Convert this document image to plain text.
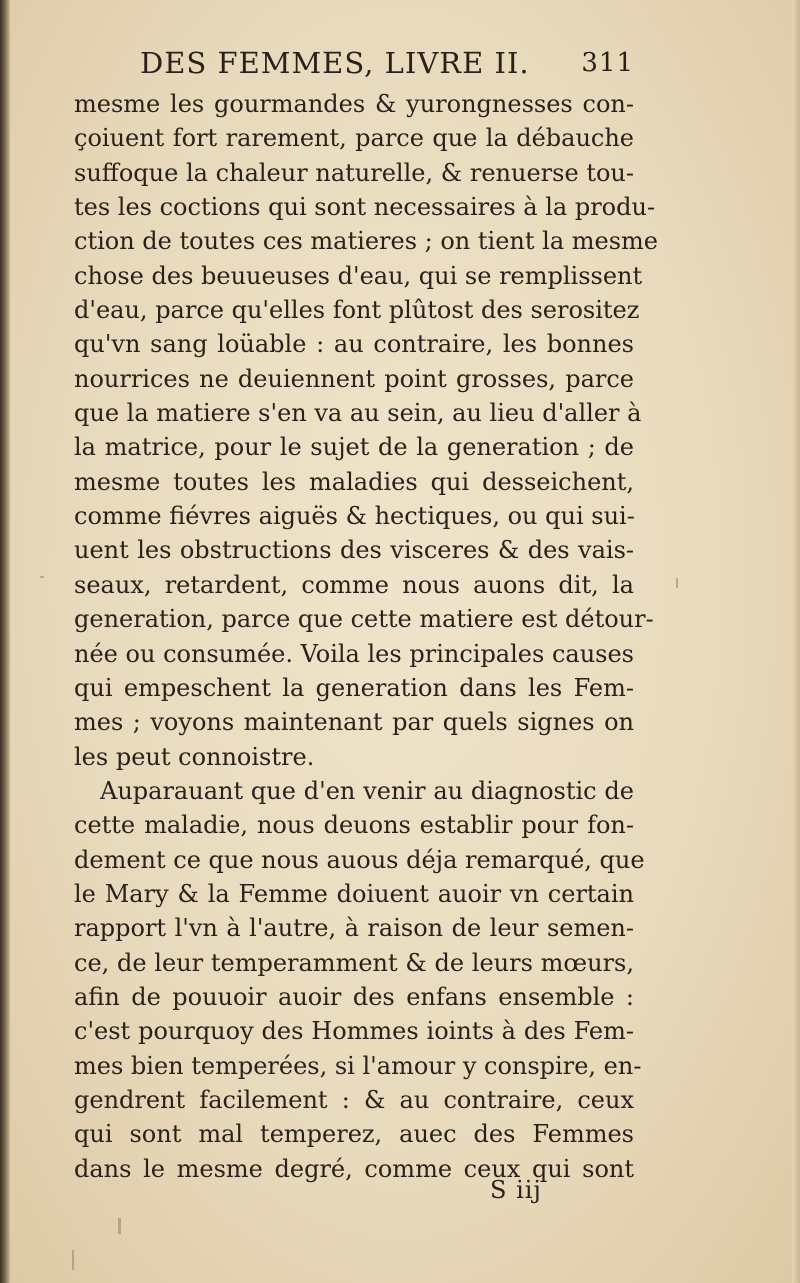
DES FEMMES, LIVRE II. 311
mesme les gourmandes & yurongnesses con-
çoiuent fort rarement, parce que la débauche
suffoque la chaleur naturelle, & renuerse tou-
tes les coctions qui sont necessaires à la produ-
ction de toutes ces matieres ; on tient la mesme
chose des beuueuses d'eau, qui se remplissent
d'eau, parce qu'elles font plûtost des serositez
qu'vn sang loüable : au contraire, les bonnes
nourrices ne deuiennent point grosses, parce
que la matiere s'en va au sein, au lieu d'aller à
la matrice, pour le sujet de la generation ; de
mesme toutes les maladies qui desseichent,
comme fiévres aiguës & hectiques, ou qui sui-
uent les obstructions des visceres & des vais-
seaux, retardent, comme nous auons dit, la
generation, parce que cette matiere est détour-
née ou consumée. Voila les principales causes
qui empeschent la generation dans les Fem-
mes ; voyons maintenant par quels signes on
les peut connoistre.
Auparauant que d'en venir au diagnostic de
cette maladie, nous deuons establir pour fon-
dement ce que nous auous déja remarqué, que
le Mary & la Femme doiuent auoir vn certain
rapport l'vn à l'autre, à raison de leur semen-
ce, de leur temperamment & de leurs mœurs,
afin de pouuoir auoir des enfans ensemble :
c'est pourquoy des Hommes ioints à des Fem-
mes bien temperées, si l'amour y conspire, en-
gendrent facilement : & au contraire, ceux
qui sont mal temperez, auec des Femmes
dans le mesme degré, comme ceux qui sont
S iij
